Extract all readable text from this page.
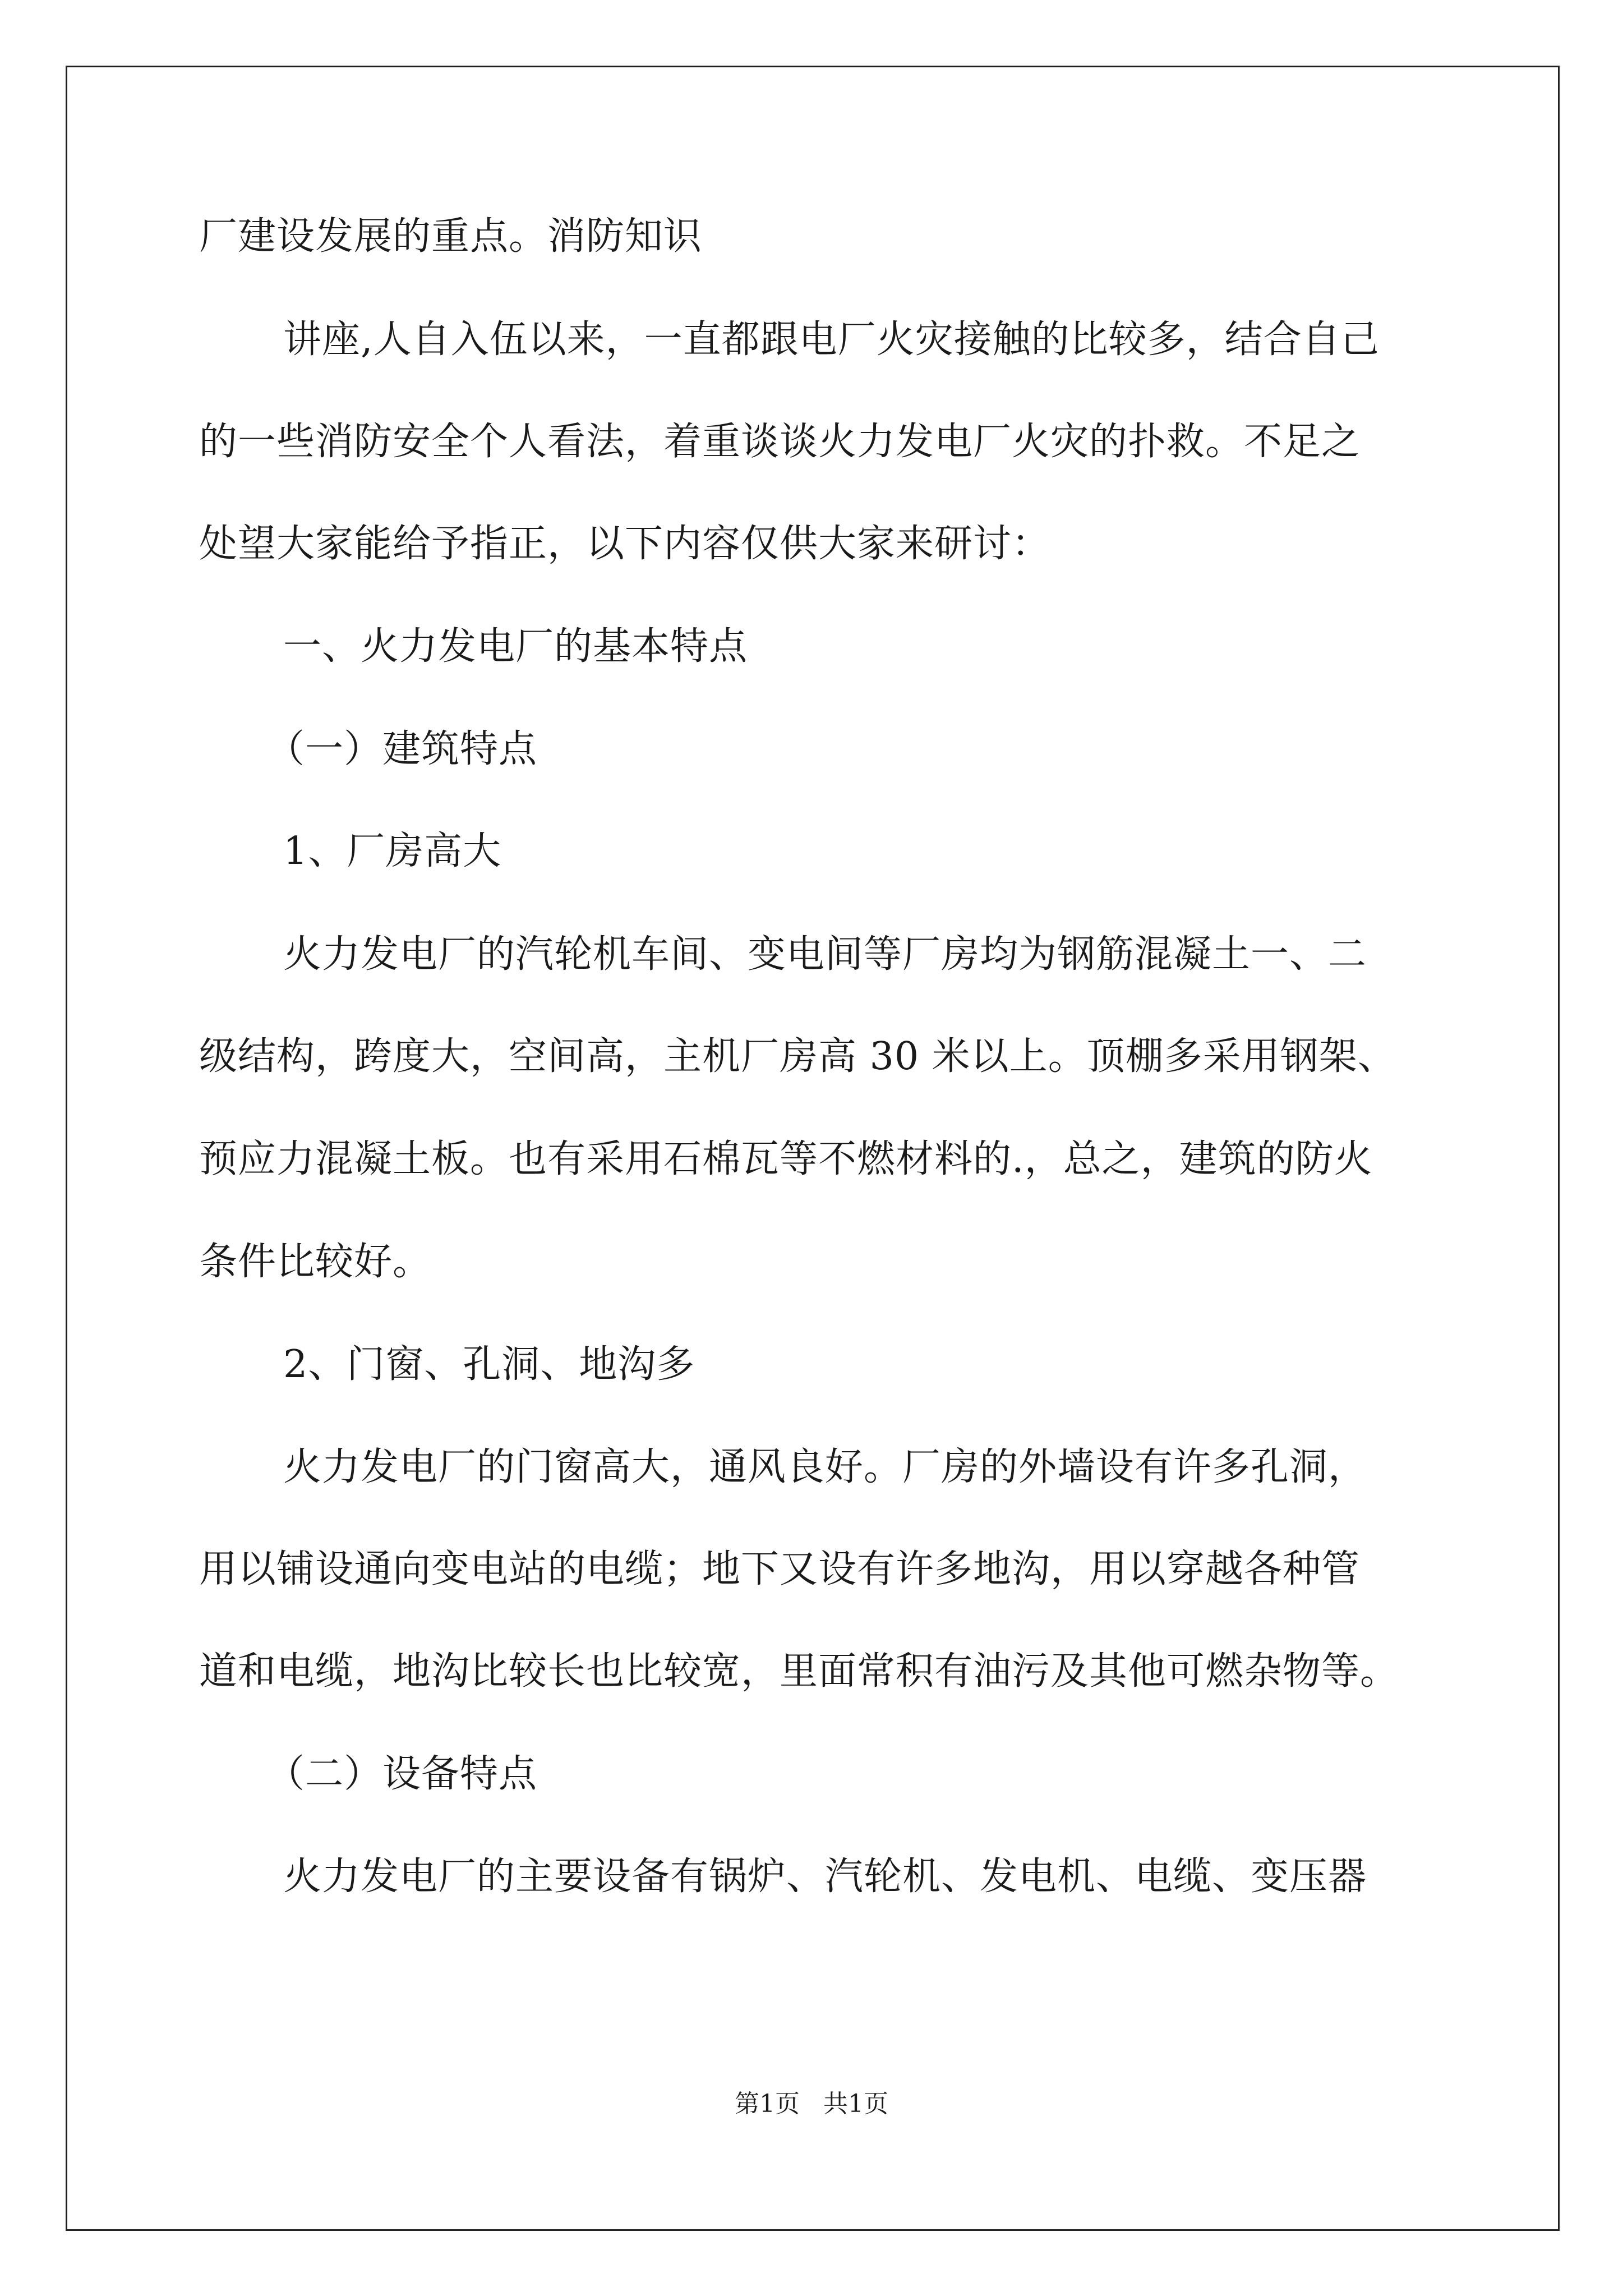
厂建设发展的重点。消防知识
讲座,人自入伍以来，一直都跟电厂火灾接触的比较多，结合自己
的一些消防安全个人看法，着重谈谈火力发电厂火灾的扑救。不足之
处望大家能给予指正，以下内容仅供大家来研讨：
一、火力发电厂的基本特点
（一）建筑特点
1、厂房高大
火力发电厂的汽轮机车间、变电间等厂房均为钢筋混凝土一、二
级结构，跨度大，空间高，主机厂房高 30 米以上。顶棚多采用钢架、
预应力混凝土板。也有采用石棉瓦等不燃材料的.，总之，建筑的防火
条件比较好。
2、门窗、孔洞、地沟多
火力发电厂的门窗高大，通风良好。厂房的外墙设有许多孔洞，
用以铺设通向变电站的电缆；地下又设有许多地沟，用以穿越各种管
道和电缆，地沟比较长也比较宽，里面常积有油污及其他可燃杂物等。
（二）设备特点
火力发电厂的主要设备有锅炉、汽轮机、发电机、电缆、变压器
第1页   共1页
